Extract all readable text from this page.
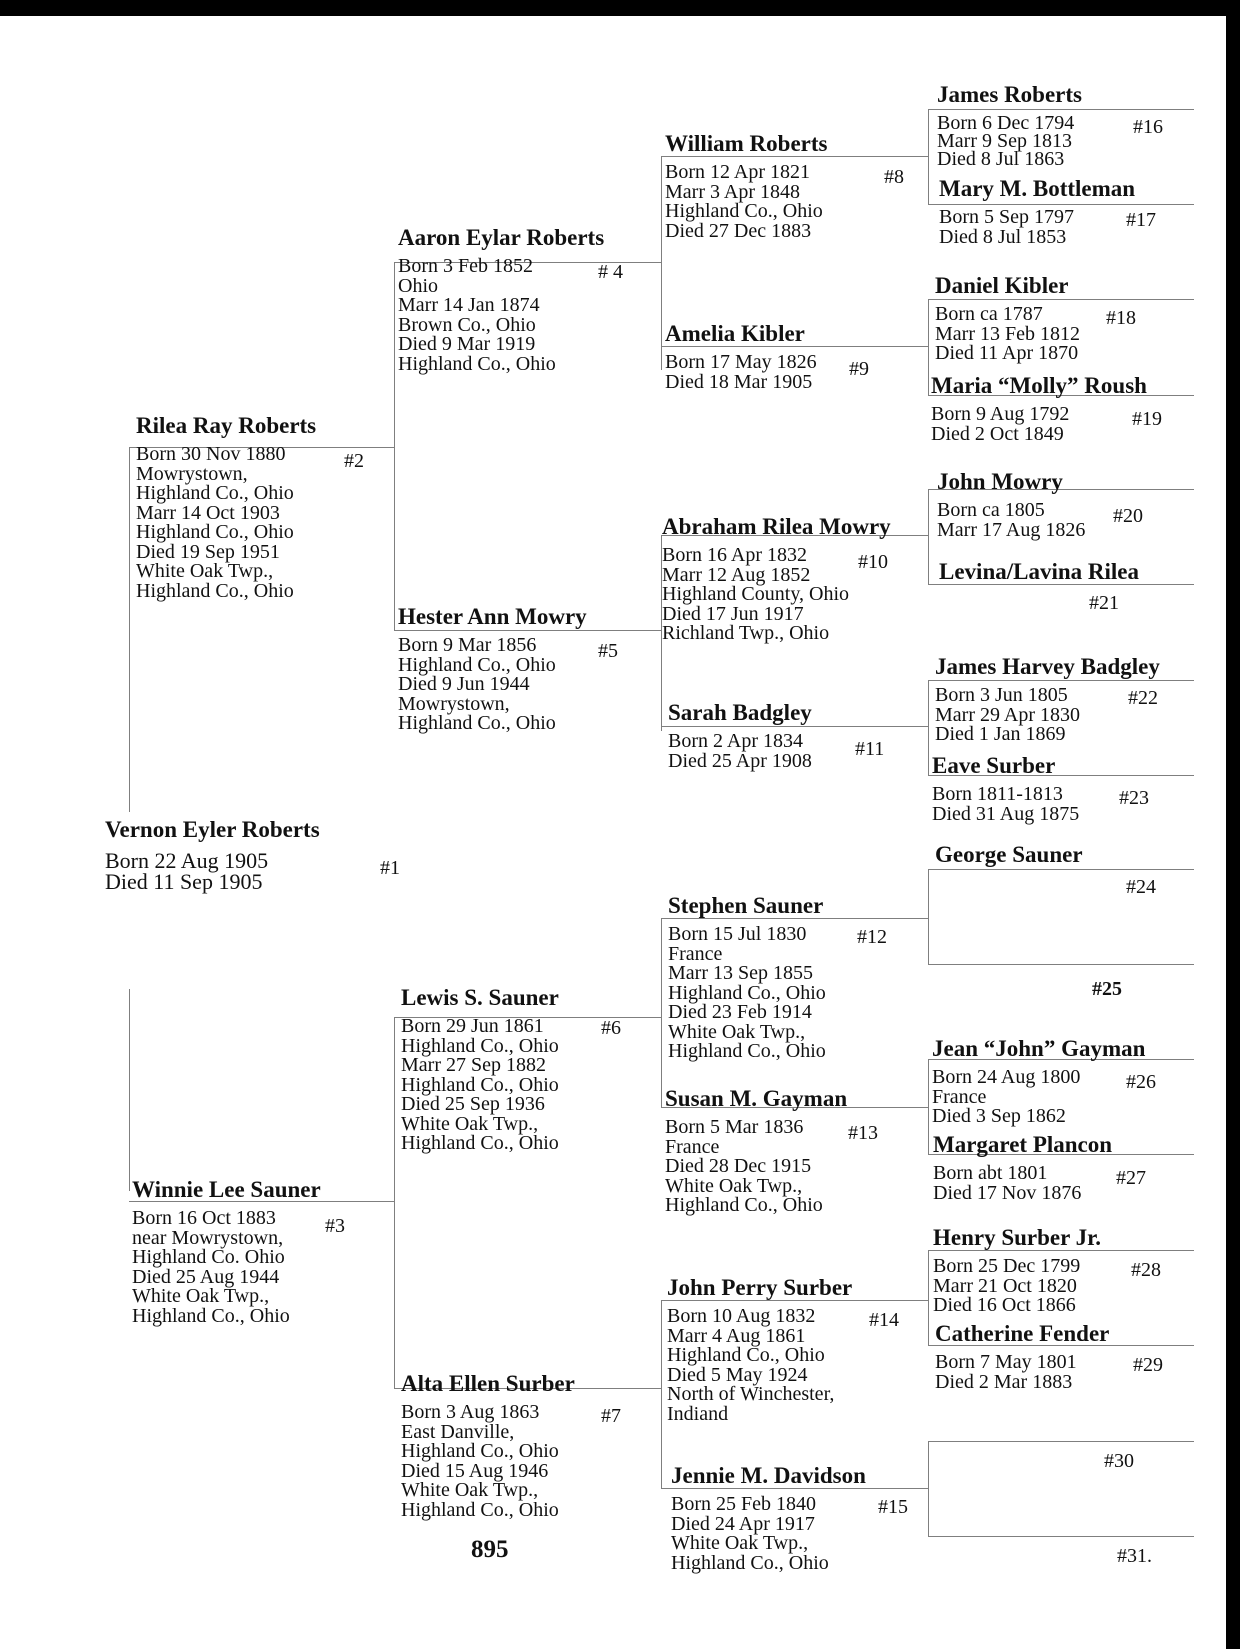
Vernon Eyler Roberts
Born 22 Aug 1905
Died 11 Sep 1905
#1
Rilea Ray Roberts
Born 30 Nov 1880
Mowrystown,
Highland Co., Ohio
Marr 14 Oct 1903
Highland Co., Ohio
Died 19 Sep 1951
White Oak Twp.,
Highland Co., Ohio
#2
Winnie Lee Sauner
Born 16 Oct 1883
near Mowrystown,
Highland Co. Ohio
Died 25 Aug 1944
White Oak Twp.,
Highland Co., Ohio
#3
Aaron Eylar Roberts
Born 3 Feb 1852
Ohio
Marr 14 Jan 1874
Brown Co., Ohio
Died 9 Mar 1919
Highland Co., Ohio
# 4
Hester Ann Mowry
Born 9 Mar 1856
Highland Co., Ohio
Died 9 Jun 1944
Mowrystown,
Highland Co., Ohio
#5
Lewis S. Sauner
Born 29 Jun 1861
Highland Co., Ohio
Marr 27 Sep 1882
Highland Co., Ohio
Died 25 Sep 1936
White Oak Twp.,
Highland Co., Ohio
#6
Alta Ellen Surber
Born 3 Aug 1863
East Danville,
Highland Co., Ohio
Died 15 Aug 1946
White Oak Twp.,
Highland Co., Ohio
#7
William Roberts
Born 12 Apr 1821
Marr 3 Apr 1848
Highland Co., Ohio
Died 27 Dec 1883
#8
Amelia Kibler
Born 17 May 1826
Died 18 Mar 1905
#9
Abraham Rilea Mowry
Born 16 Apr 1832
Marr 12 Aug 1852
Highland County, Ohio
Died 17 Jun 1917
Richland Twp., Ohio
#10
Sarah Badgley
Born 2 Apr 1834
Died 25 Apr 1908
#11
Stephen Sauner
Born 15 Jul 1830
France
Marr 13 Sep 1855
Highland Co., Ohio
Died 23 Feb 1914
White Oak Twp.,
Highland Co., Ohio
#12
Susan M. Gayman
Born 5 Mar 1836
France
Died 28 Dec 1915
White Oak Twp.,
Highland Co., Ohio
#13
John Perry Surber
Born 10 Aug 1832
Marr 4 Aug 1861
Highland Co., Ohio
Died 5 May 1924
North of Winchester,
Indiand
#14
Jennie M. Davidson
Born 25 Feb 1840
Died 24 Apr 1917
White Oak Twp.,
Highland Co., Ohio
#15
James Roberts
Born 6 Dec 1794
Marr 9 Sep 1813
Died 8 Jul 1863
#16
Mary M. Bottleman
Born 5 Sep 1797
Died 8 Jul 1853
#17
Daniel Kibler
Born ca 1787
Marr 13 Feb 1812
Died 11 Apr 1870
#18
Maria “Molly” Roush
Born 9 Aug 1792
Died 2 Oct 1849
#19
John Mowry
Born ca 1805
Marr 17 Aug 1826
#20
Levina/Lavina Rilea
#21
James Harvey Badgley
Born 3 Jun 1805
Marr 29 Apr 1830
Died 1 Jan 1869
#22
Eave Surber
Born 1811-1813
Died 31 Aug 1875
#23
George Sauner
#24
#25
Jean “John” Gayman
Born 24 Aug 1800
France
Died 3 Sep 1862
#26
Margaret Plancon
Born abt 1801
Died 17 Nov 1876
#27
Henry Surber Jr.
Born 25 Dec 1799
Marr 21 Oct 1820
Died 16 Oct 1866
#28
Catherine Fender
Born 7 May 1801
Died 2 Mar 1883
#29
#30
#31.
895
